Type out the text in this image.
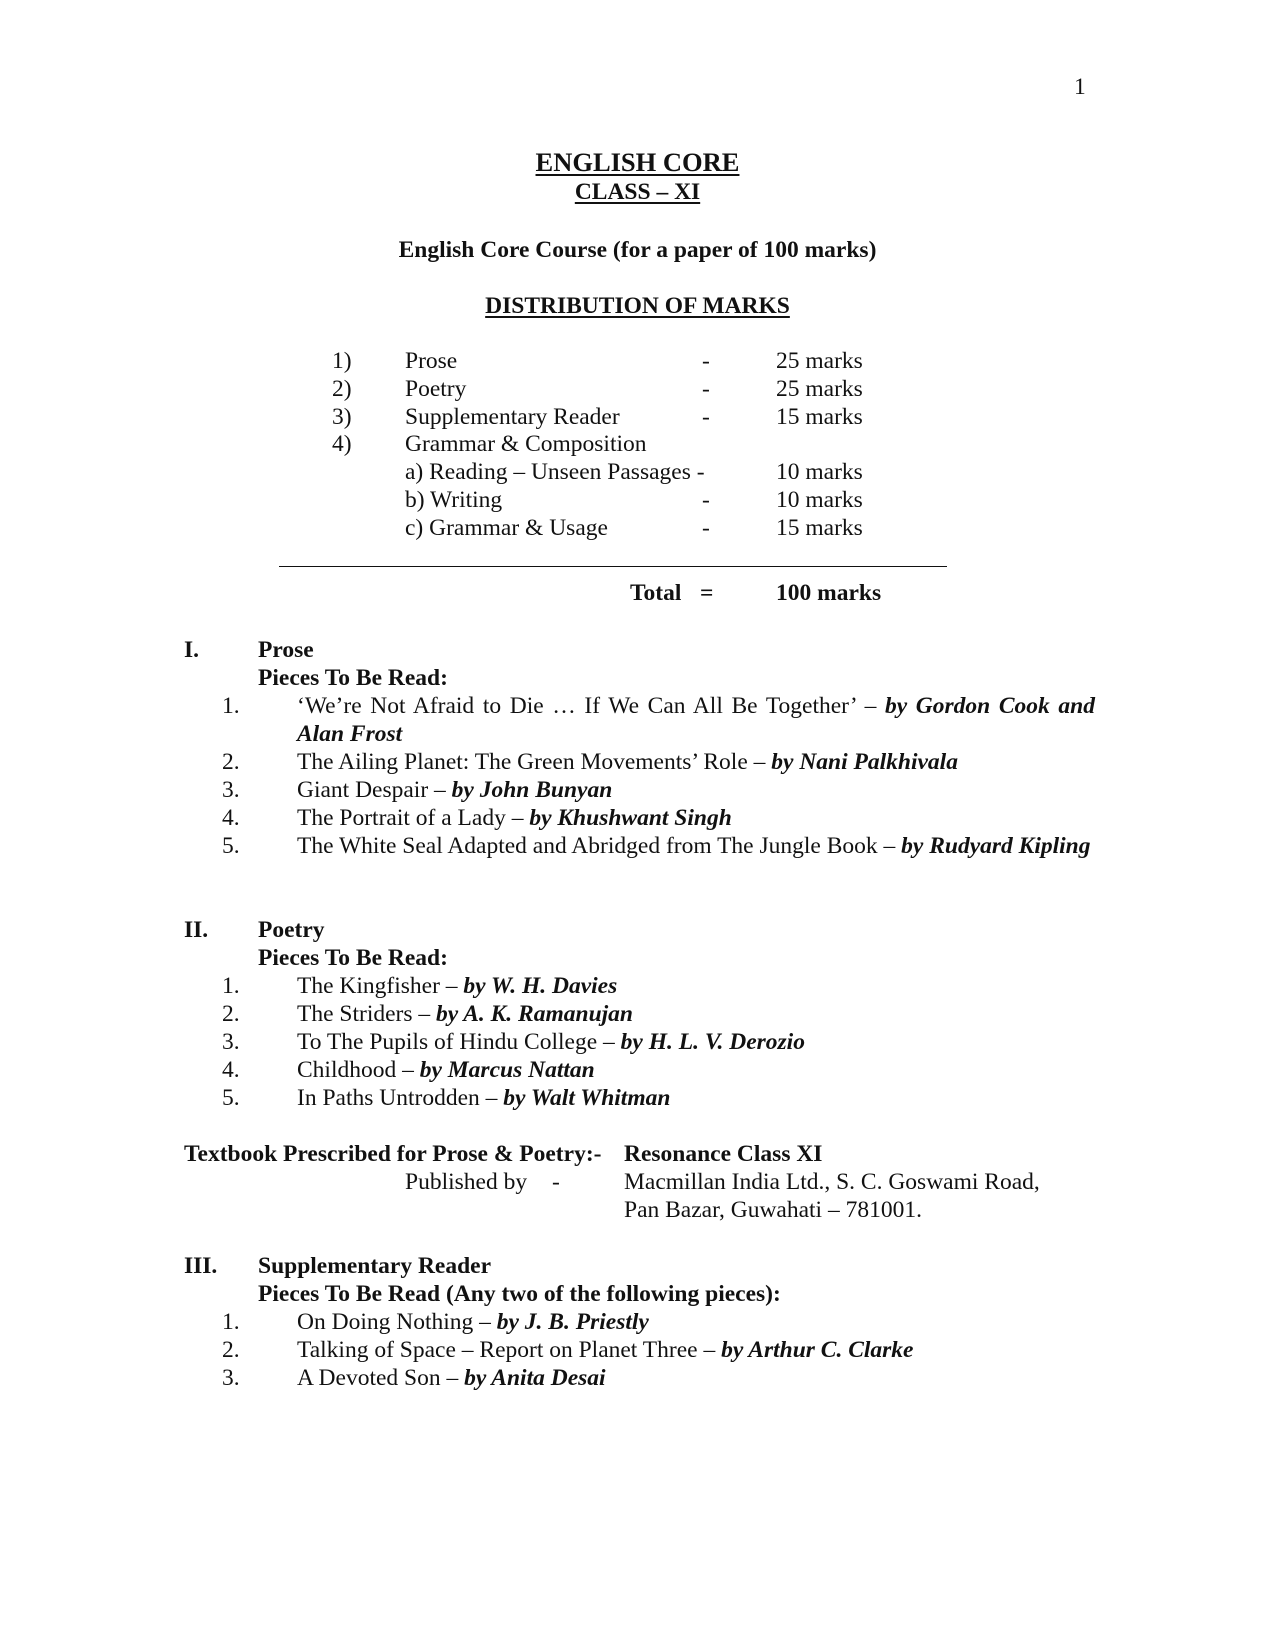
1
ENGLISH CORE
CLASS – XI
English Core Course (for a paper of 100 marks)
DISTRIBUTION OF MARKS
1) Prose	-	25 marks
2) Poetry	-	25 marks
3) Supplementary Reader	-	15 marks
4) Grammar & Composition
a) Reading – Unseen Passages -	10 marks
b) Writing	-	10 marks
c) Grammar & Usage	-	15 marks
Total =	100 marks
I.	Prose
Pieces To Be Read:
1. ‘We’re Not Afraid to Die … If We Can All Be Together’ – by Gordon Cook and Alan Frost
2. The Ailing Planet: The Green Movements’ Role – by Nani Palkhivala
3. Giant Despair – by John Bunyan
4. The Portrait of a Lady – by Khushwant Singh
5. The White Seal Adapted and Abridged from The Jungle Book – by Rudyard Kipling
II. Poetry
Pieces To Be Read:
1. The Kingfisher – by W. H. Davies
2. The Striders – by A. K. Ramanujan
3. To The Pupils of Hindu College – by H. L. V. Derozio
4. Childhood – by Marcus Nattan
5. In Paths Untrodden – by Walt Whitman
Textbook Prescribed for Prose & Poetry:- Resonance Class XI
Published by -	Macmillan India Ltd., S. C. Goswami Road,
Pan Bazar, Guwahati – 781001.
III. Supplementary Reader
Pieces To Be Read (Any two of the following pieces):
1. On Doing Nothing – by J. B. Priestly
2. Talking of Space – Report on Planet Three – by Arthur C. Clarke
3. A Devoted Son – by Anita Desai
